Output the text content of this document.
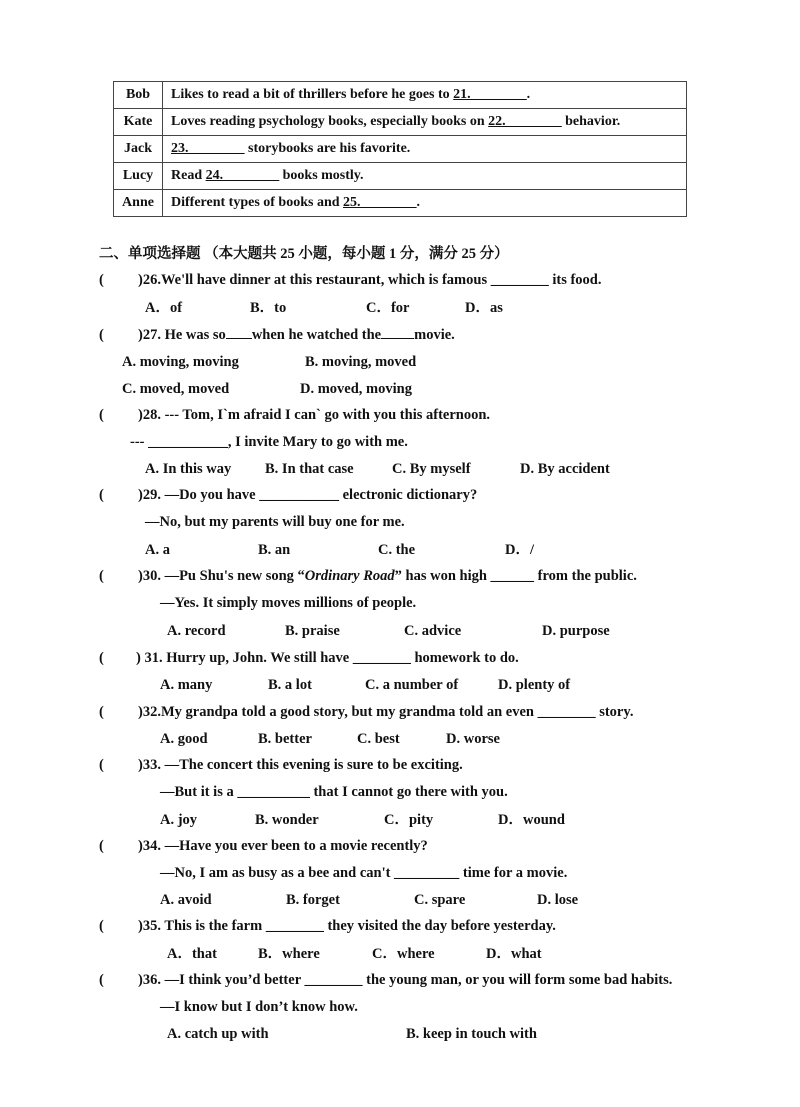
Bob	Likes to read a bit of thrillers before he goes to 21.________.
Kate	Loves reading psychology books, especially books on 22.________ behavior.
Jack	23.________ storybooks are his favorite.
Lucy	Read 24.________ books mostly.
Anne	Different types of books and 25.________.
二、单项选择题 （本大题共 25 小题，每小题 1 分，满分 25 分）
( )26.We'll have dinner at this restaurant, which is famous ________ its food.
A．of	B．to	C．for	D．as
( )27. He was so when he watched the movie.
A. moving, moving	B. moving, moved
C. moved, moved	D. moved, moving
( )28. --- Tom, I`m afraid I can` go with you this afternoon.
--- ___________, I invite Mary to go with me.
A. In this way B. In that case	C. By myself	D. By accident
( )29. —Do you have ___________ electronic dictionary?
—No, but my parents will buy one for me.
A. a	B. an	C. the	D．/
( )30. —Pu Shu's new song “Ordinary Road” has won high ______ from the public.
—Yes. It simply moves millions of people.
A. record	B. praise	C. advice	D. purpose
( ) 31. Hurry up, John. We still have ________ homework to do.
A. many	B. a lot	C. a number of	D. plenty of
( )32.My grandpa told a good story, but my grandma told an even ________ story.
A. good	B. better	C. best	D. worse
( )33. —The concert this evening is sure to be exciting.
—But it is a __________ that I cannot go there with you.
A. joy	B. wonder	C．pity	D．wound
( )34. —Have you ever been to a movie recently?
—No, I am as busy as a bee and can't _________ time for a movie.
A. avoid	B. forget	C. spare	D. lose
( )35. This is the farm ________ they visited the day before yesterday.
A．that	B．where	C．where	D．what
( )36. —I think you’d better ________ the young man, or you will form some bad habits.
—I know but I don’t know how.
A. catch up with	B. keep in touch with
